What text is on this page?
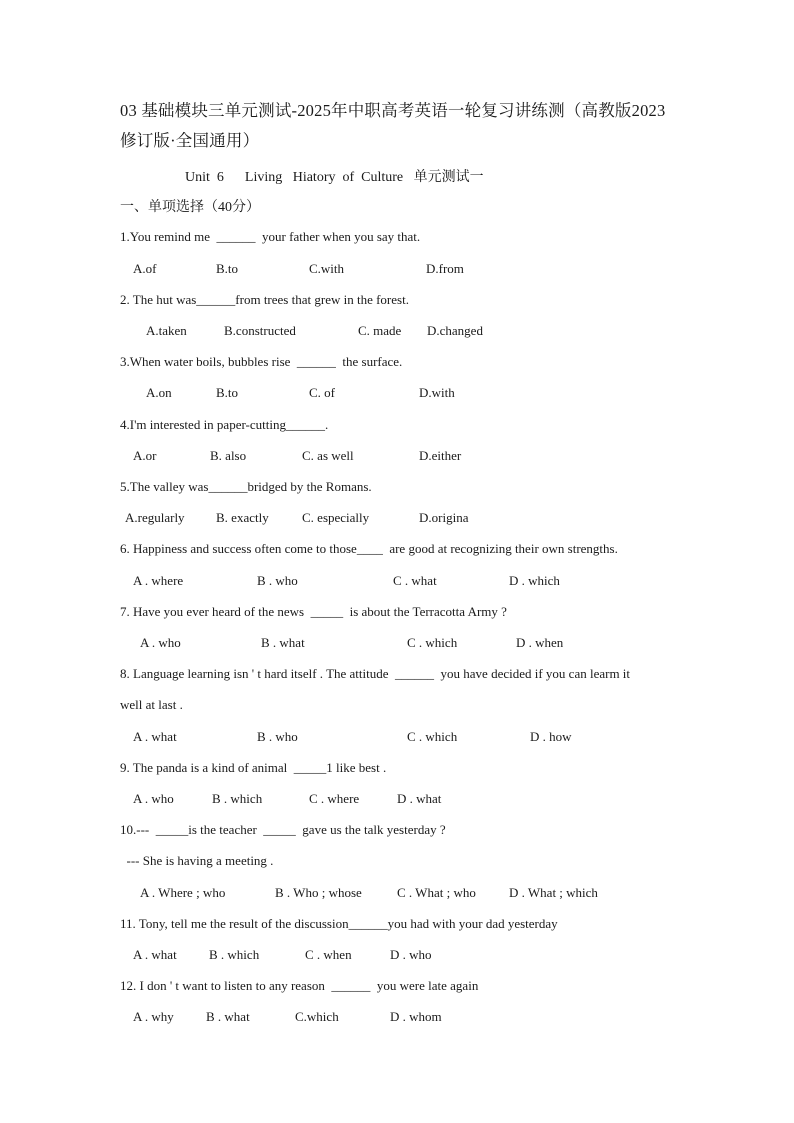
03 基础模块三单元测试-2025年中职高考英语一轮复习讲练测（高教版2023修订版·全国通用）
Unit  6      Living   Hiatory  of  Culture   单元测试一
一、单项选择（40分）
1.You remind me  ______  your father when you say that.
A.of	B.to	C.with	D.from
2. The hut was______from trees that grew in the forest.
A.taken	B.constructed	C. made D.changed
3.When water boils, bubbles rise  ______  the surface.
A.on	B.to	C. of	D.with
4.I'm interested in paper-cutting______.
A.or	B. also	C. as well	D.either
5.The valley was______bridged by the Romans.
A.regularly B. exactly	C. especially	D.origina
6. Happiness and success often come to those____  are good at recognizing their own strengths.
A . where	B . who	C . what	D . which
7. Have you ever heard of the news  _____  is about the Terracotta Army ?
A . who	B . what	C . which	D . when
8. Language learning isn ' t hard itself . The attitude  ______  you have decided if you can learm it
well at last .
A . what	B . who	C . which	D . how
9. The panda is a kind of animal  _____1 like best .
A . who	B . which	C . where	D . what
10.---  _____is the teacher  _____  gave us the talk yesterday ?
--- She is having a meeting .
A . Where ; who	B . Who ; whose	C . What ; who	D . What ; which
11. Tony, tell me the result of the discussion______you had with your dad yesterday
A . what B . which	C . when	D . who
12. I don ' t want to listen to any reason  ______  you were late again
A . why B . what	C.which	D . whom
